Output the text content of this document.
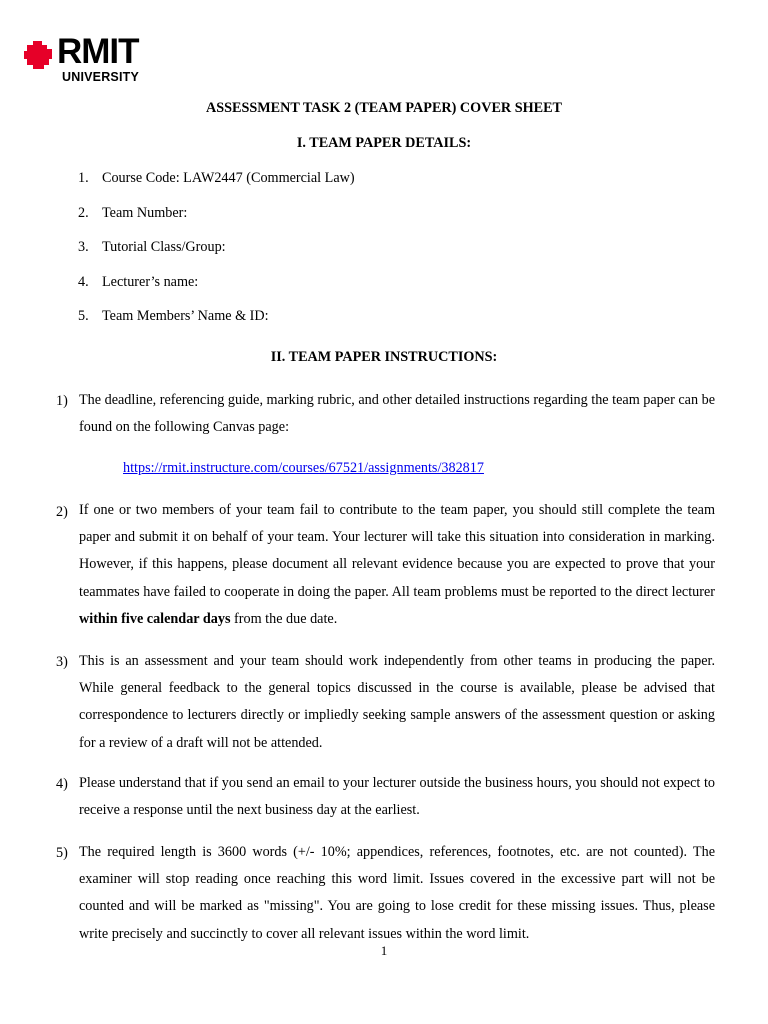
RMIT
UNIVERSITY
ASSESSMENT TASK 2 (TEAM PAPER) COVER SHEET
I. TEAM PAPER DETAILS:
1. Course Code: LAW2447 (Commercial Law)
2. Team Number:
3. Tutorial Class/Group:
4. Lecturer’s name:
5. Team Members’ Name & ID:
II. TEAM PAPER INSTRUCTIONS:
1) The deadline, referencing guide, marking rubric, and other detailed instructions regarding the team paper can be found on the following Canvas page:

https://rmit.instructure.com/courses/67521/assignments/382817
2) If one or two members of your team fail to contribute to the team paper, you should still complete the team paper and submit it on behalf of your team. Your lecturer will take this situation into consideration in marking. However, if this happens, please document all relevant evidence because you are expected to prove that your teammates have failed to cooperate in doing the paper. All team problems must be reported to the direct lecturer within five calendar days from the due date.

3) This is an assessment and your team should work independently from other teams in producing the paper. While general feedback to the general topics discussed in the course is available, please be advised that correspondence to lecturers directly or impliedly seeking sample answers of the assessment question or asking for a review of a draft will not be attended.

4) Please understand that if you send an email to your lecturer outside the business hours, you should not expect to receive a response until the next business day at the earliest.

5) The required length is 3600 words (+/- 10%; appendices, references, footnotes, etc. are not counted). The examiner will stop reading once reaching this word limit. Issues covered in the excessive part will not be counted and will be marked as "missing". You are going to lose credit for these missing issues. Thus, please write precisely and succinctly to cover all relevant issues within the word limit.

1
